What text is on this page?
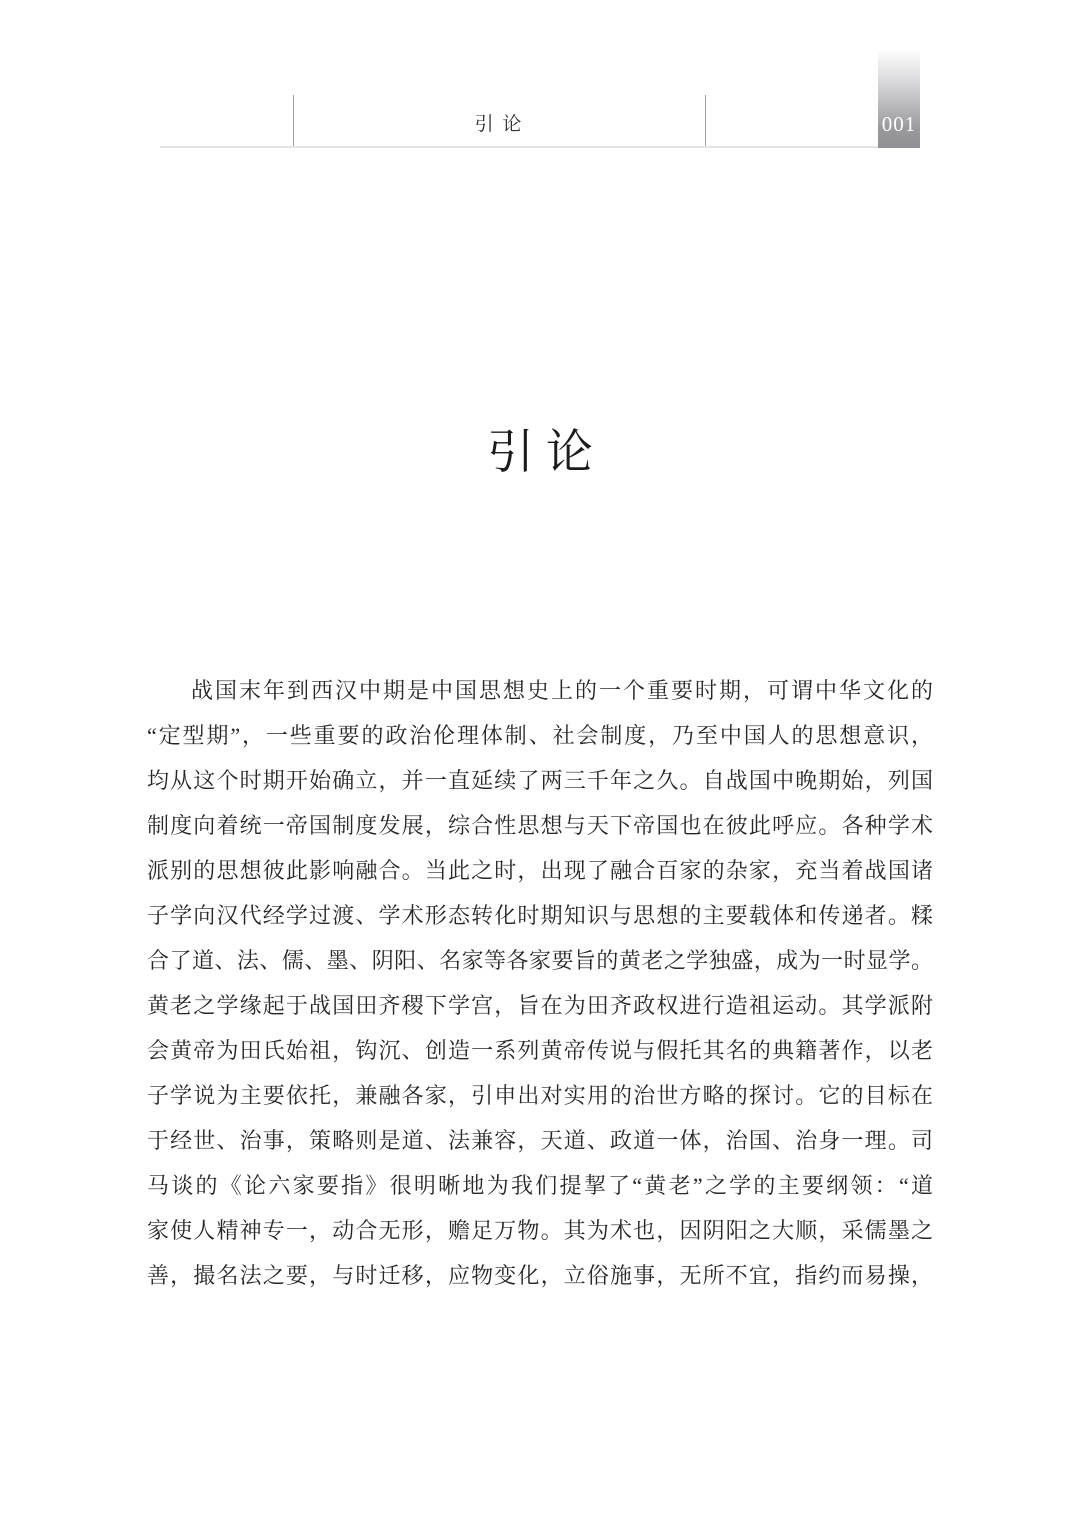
引 论	001
引 论
战国末年到西汉中期是中国思想史上的一个重要时期，可谓中华文化的
“定型期”，一些重要的政治伦理体制、社会制度，乃至中国人的思想意识，
均从这个时期开始确立，并一直延续了两三千年之久。自战国中晚期始，列国
制度向着统一帝国制度发展，综合性思想与天下帝国也在彼此呼应。各种学术
派别的思想彼此影响融合。当此之时，出现了融合百家的杂家，充当着战国诸
子学向汉代经学过渡、学术形态转化时期知识与思想的主要载体和传递者。糅
合了道、法、儒、墨、阴阳、名家等各家要旨的黄老之学独盛，成为一时显学。
黄老之学缘起于战国田齐稷下学宫，旨在为田齐政权进行造祖运动。其学派附
会黄帝为田氏始祖，钩沉、创造一系列黄帝传说与假托其名的典籍著作，以老
子学说为主要依托，兼融各家，引申出对实用的治世方略的探讨。它的目标在
于经世、治事，策略则是道、法兼容，天道、政道一体，治国、治身一理。司
马谈的《论六家要指》很明晰地为我们提挈了“黄老”之学的主要纲领：“道
家使人精神专一，动合无形，赡足万物。其为术也，因阴阳之大顺，采儒墨之
善，撮名法之要，与时迁移，应物变化，立俗施事，无所不宜，指约而易操，
